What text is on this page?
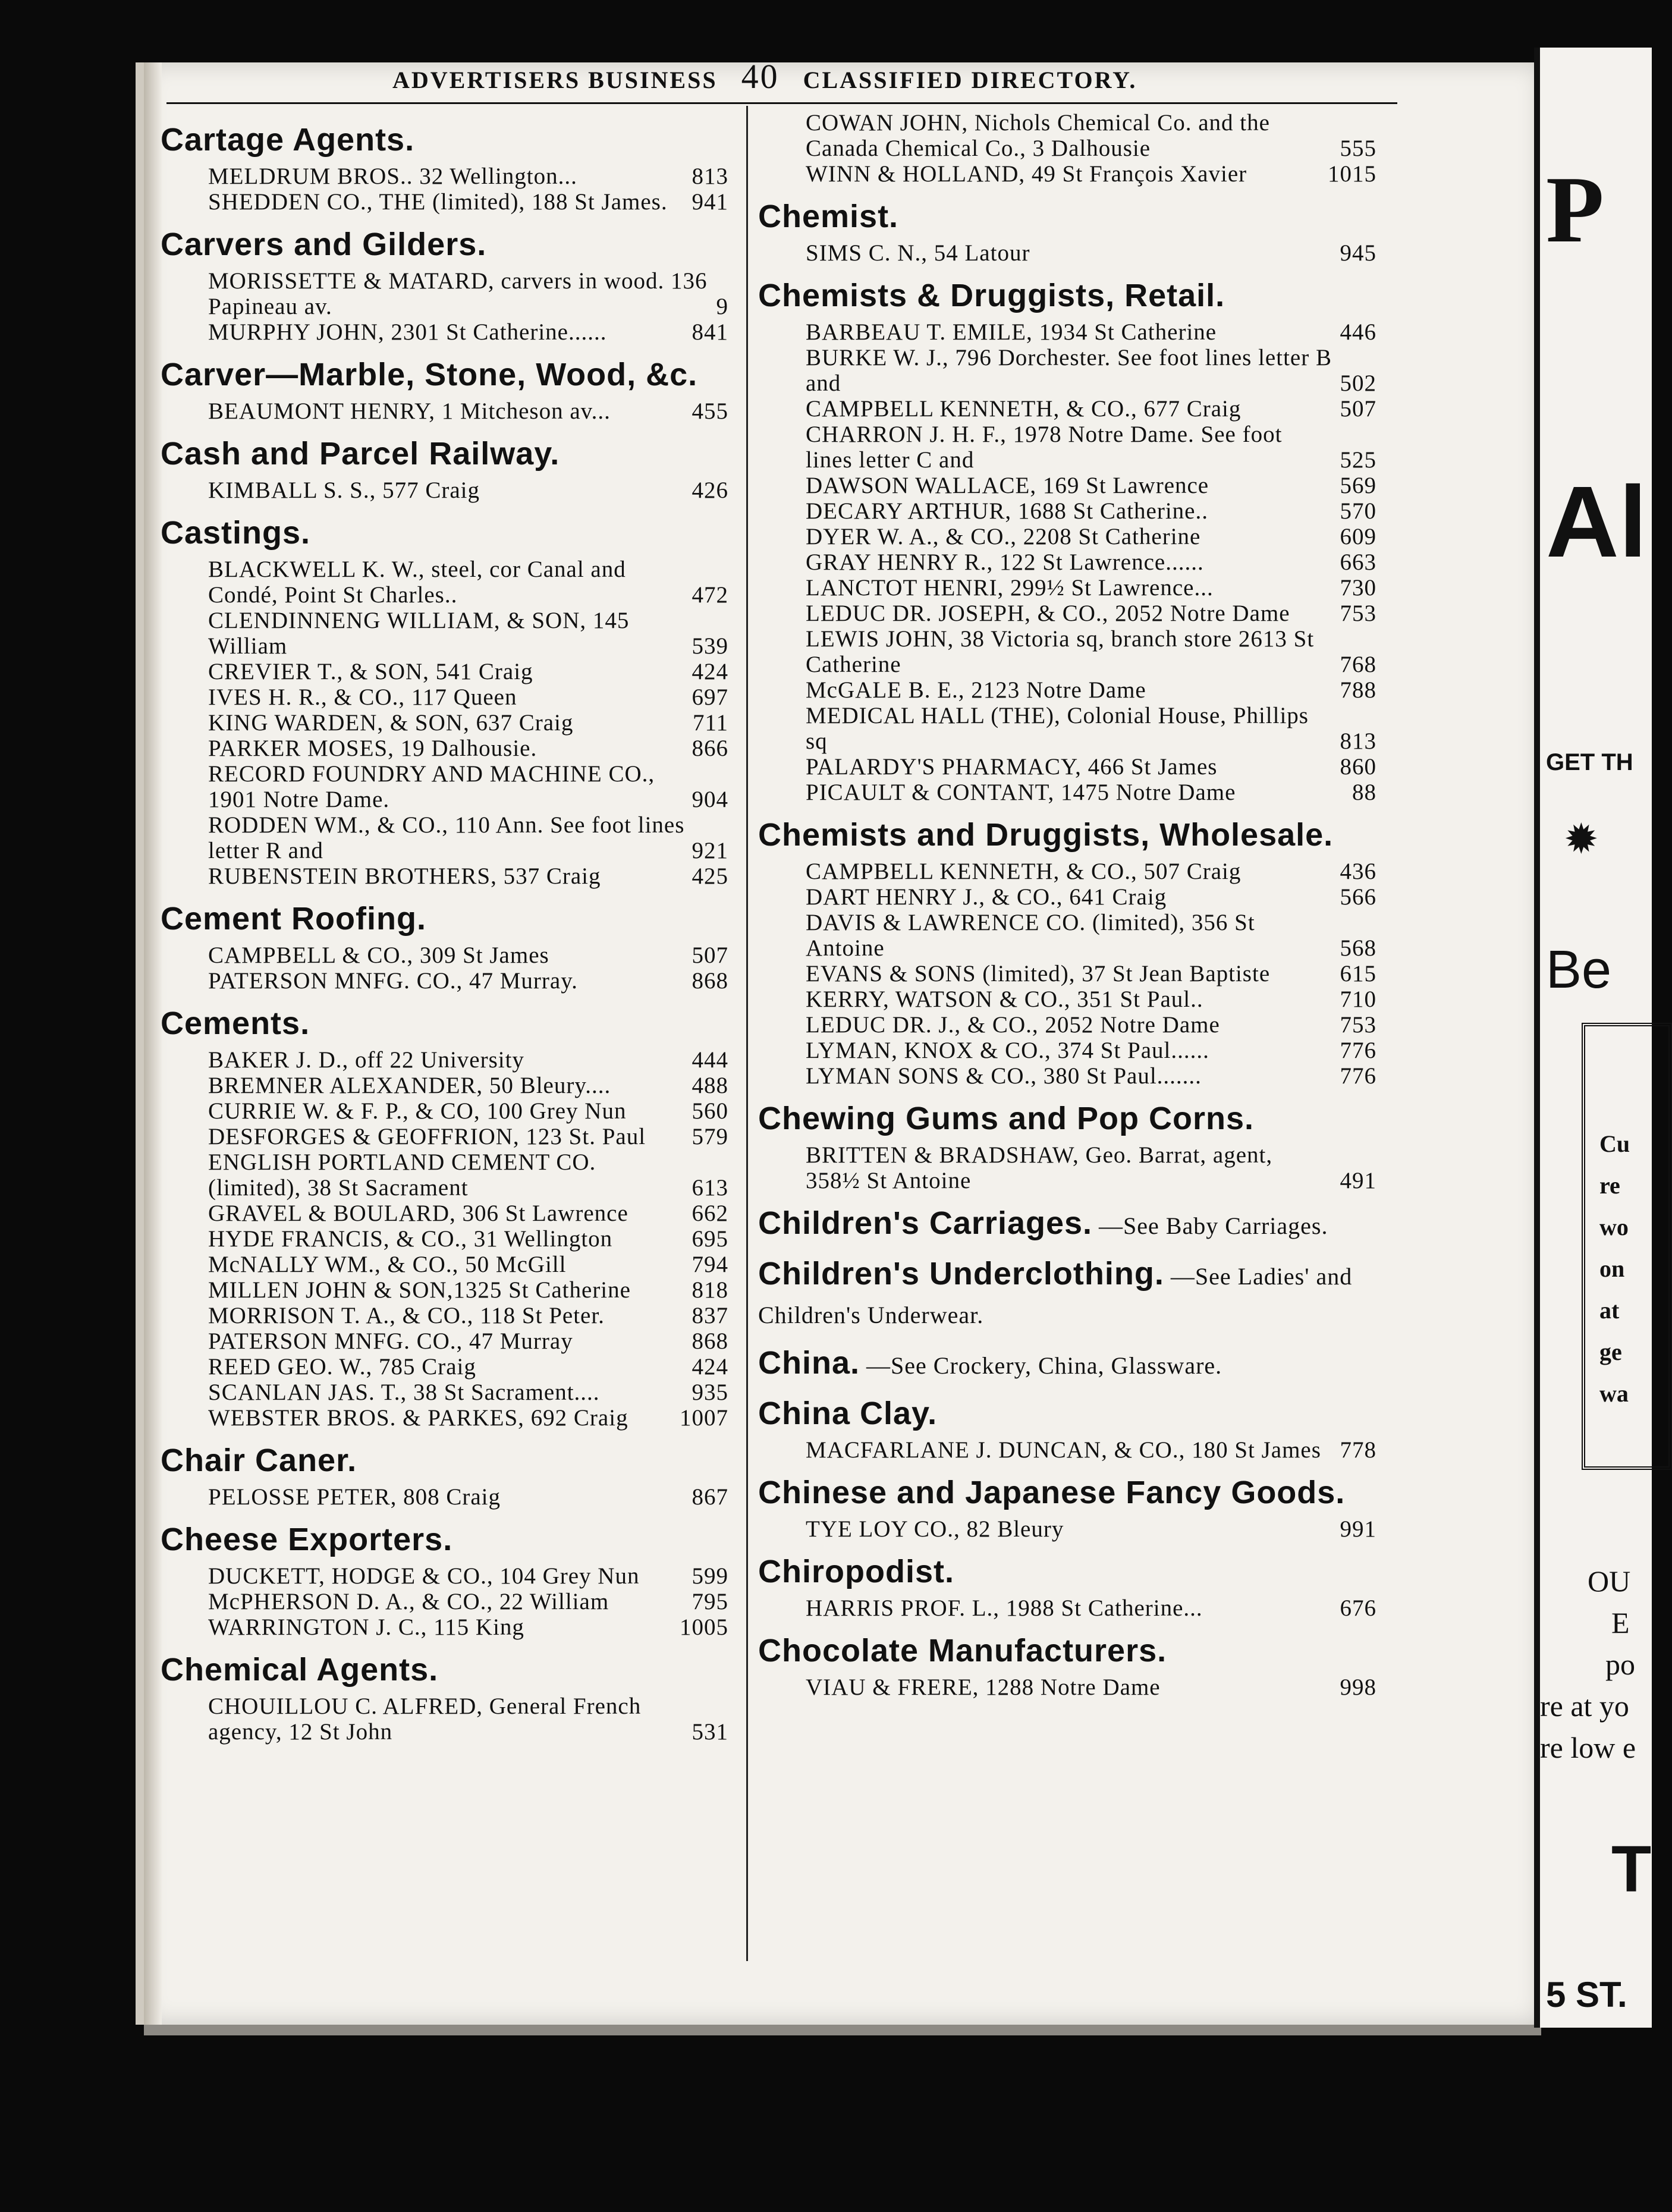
ADVERTISERS BUSINESS 40 CLASSIFIED DIRECTORY.
Cartage Agents.
MELDRUM BROS.. 32 Wellington...	813
SHEDDEN CO., THE (limited), 188 St James.	941
Carvers and Gilders.
MORISSETTE & MATARD, carvers in wood. 136 Papineau av.	9
MURPHY JOHN, 2301 St Catherine......	841
Carver—Marble, Stone, Wood, &c.
BEAUMONT HENRY, 1 Mitcheson av...	455
Cash and Parcel Railway.
KIMBALL S. S., 577 Craig	426
Castings.
BLACKWELL K. W., steel, cor Canal and Condé, Point St Charles..	472
CLENDINNENG WILLIAM, & SON, 145 William	539
CREVIER T., & SON, 541 Craig	424
IVES H. R., & CO., 117 Queen	697
KING WARDEN, & SON, 637 Craig	711
PARKER MOSES, 19 Dalhousie.	866
RECORD FOUNDRY AND MACHINE CO., 1901 Notre Dame.	904
RODDEN WM., & CO., 110 Ann. See foot lines letter R and	921
RUBENSTEIN BROTHERS, 537 Craig	425
Cement Roofing.
CAMPBELL & CO., 309 St James	507
PATERSON MNFG. CO., 47 Murray.	868
Cements.
BAKER J. D., off 22 University	444
BREMNER ALEXANDER, 50 Bleury....	488
CURRIE W. & F. P., & CO, 100 Grey Nun	560
DESFORGES & GEOFFRION, 123 St. Paul	579
ENGLISH PORTLAND CEMENT CO. (limited), 38 St Sacrament	613
GRAVEL & BOULARD, 306 St Lawrence	662
HYDE FRANCIS, & CO., 31 Wellington	695
McNALLY WM., & CO., 50 McGill	794
MILLEN JOHN & SON,1325 St Catherine	818
MORRISON T. A., & CO., 118 St Peter.	837
PATERSON MNFG. CO., 47 Murray	868
REED GEO. W., 785 Craig	424
SCANLAN JAS. T., 38 St Sacrament....	935
WEBSTER BROS. & PARKES, 692 Craig	1007
Chair Caner.
PELOSSE PETER, 808 Craig	867
Cheese Exporters.
DUCKETT, HODGE & CO., 104 Grey Nun	599
McPHERSON D. A., & CO., 22 William	795
WARRINGTON J. C., 115 King	1005
Chemical Agents.
CHOUILLOU C. ALFRED, General French agency, 12 St John	531
COWAN JOHN, Nichols Chemical Co. and the Canada Chemical Co., 3 Dalhousie	555
WINN & HOLLAND, 49 St François Xavier	1015
Chemist.
SIMS C. N., 54 Latour	945
Chemists & Druggists, Retail.
BARBEAU T. EMILE, 1934 St Catherine	446
BURKE W. J., 796 Dorchester. See foot lines letter B and	502
CAMPBELL KENNETH, & CO., 677 Craig	507
CHARRON J. H. F., 1978 Notre Dame. See foot lines letter C and	525
DAWSON WALLACE, 169 St Lawrence	569
DECARY ARTHUR, 1688 St Catherine..	570
DYER W. A., & CO., 2208 St Catherine	609
GRAY HENRY R., 122 St Lawrence......	663
LANCTOT HENRI, 299½ St Lawrence...	730
LEDUC DR. JOSEPH, & CO., 2052 Notre Dame	753
LEWIS JOHN, 38 Victoria sq, branch store 2613 St Catherine	768
McGALE B. E., 2123 Notre Dame	788
MEDICAL HALL (THE), Colonial House, Phillips sq	813
PALARDY'S PHARMACY, 466 St James	860
PICAULT & CONTANT, 1475 Notre Dame	88
Chemists and Druggists, Wholesale.
CAMPBELL KENNETH, & CO., 507 Craig	436
DART HENRY J., & CO., 641 Craig	566
DAVIS & LAWRENCE CO. (limited), 356 St Antoine	568
EVANS & SONS (limited), 37 St Jean Baptiste	615
KERRY, WATSON & CO., 351 St Paul..	710
LEDUC DR. J., & CO., 2052 Notre Dame	753
LYMAN, KNOX & CO., 374 St Paul......	776
LYMAN SONS & CO., 380 St Paul.......	776
Chewing Gums and Pop Corns.
BRITTEN & BRADSHAW, Geo. Barrat, agent, 358½ St Antoine	491
Children's Carriages. —See Baby Carriages.
Children's Underclothing. —See Ladies' and Children's Underwear.
China. —See Crockery, China, Glassware.
China Clay.
MACFARLANE J. DUNCAN, & CO., 180 St James 778
Chinese and Japanese Fancy Goods.
TYE LOY CO., 82 Bleury	991
Chiropodist.
HARRIS PROF. L., 1988 St Catherine...	676
Chocolate Manufacturers.
VIAU & FRERE, 1288 Notre Dame	998
P
Al
GET TH
✹
Be
Cu
re
wo
on
at
ge
wa
OU
E
po
re at yo
re low e
T
5 ST.
